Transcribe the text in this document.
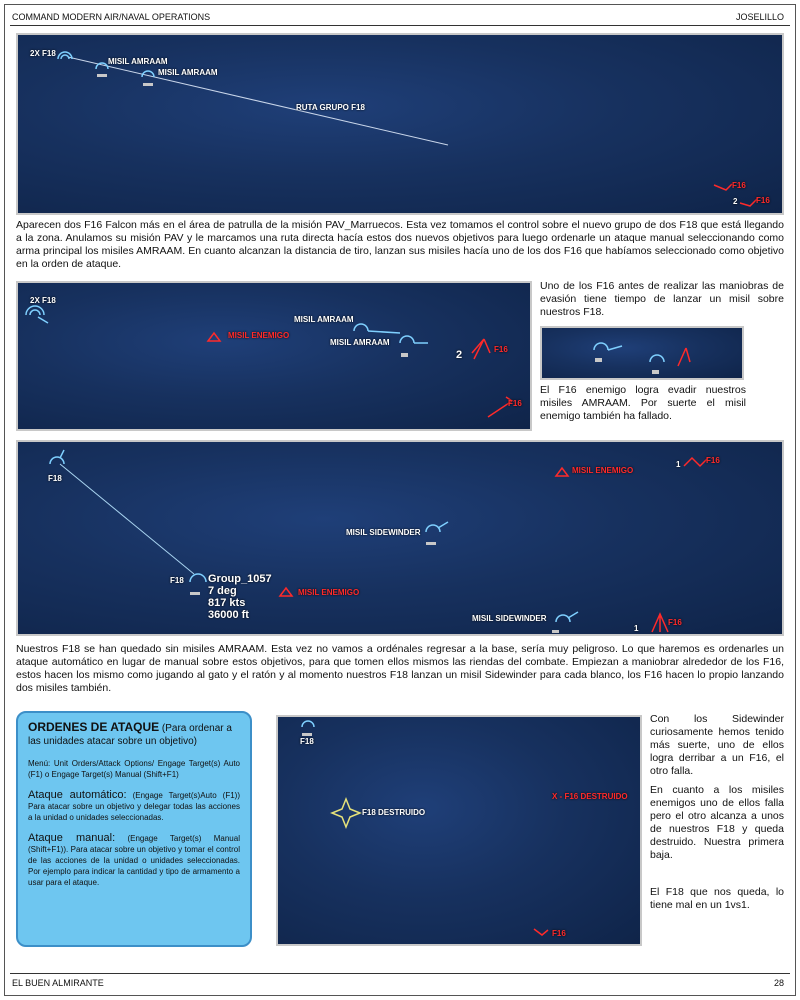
COMMAND MODERN AIR/NAVAL OPERATIONS	JOSELILLO
2X F18
MISIL AMRAAM
MISIL AMRAAM
RUTA GRUPO F18
F16
2 F16
Aparecen dos F16 Falcon más en el área de patrulla de la misión PAV_Marruecos. Esta vez tomamos el control sobre el nuevo grupo de dos F18 que está llegando a la zona. Anulamos su misión PAV y le marcamos una ruta directa hacía estos dos nuevos objetivos para luego ordenarle un ataque manual seleccionando como arma principal los misiles AMRAAM. En cuanto alcanzan la distancia de tiro, lanzan sus misiles hacía uno de los dos F16 que habíamos seleccionado como objetivo en la orden de ataque.
2X F18
MISIL ENEMIGO
MISIL AMRAAM
MISIL AMRAAM
2	F16
F16
Uno de los F16 antes de realizar las maniobras de evasión tiene tiempo de lanzar un misil sobre nuestros F18.
El F16 enemigo logra evadir nuestros misiles AMRAAM. Por suerte el misil enemigo también ha fallado.
F18
MISIL ENEMIGO
1	F16
MISIL SIDEWINDER
F18 Group_1057
7 deg
817 kts
36000 ft
MISIL ENEMIGO
MISIL SIDEWINDER
1
F16
Nuestros F18 se han quedado sin misiles AMRAAM. Esta vez no vamos a ordénales regresar a la base, sería muy peligroso. Lo que haremos es ordenarles un ataque automático en lugar de manual sobre estos objetivos, para que tomen ellos mismos las riendas del combate. Empiezan a maniobrar alrededor de los F16, estos hacen los mismo como jugando al gato y el ratón y al momento nuestros F18 lanzan un misil Sidewinder para cada blanco, los F16 hacen lo propio lanzando dos misiles también.
ORDENES DE ATAQUE (Para ordenar a las unidades atacar sobre un objetivo)

Menú: Unit Orders/Attack Options/ Engage Target(s) Auto (F1) o Engage Target(s) Manual (Shift+F1)

Ataque automático: (Engage Target(s)Auto (F1)) Para atacar sobre un objetivo y delegar todas las acciones a la unidad o unidades seleccionadas.

Ataque manual: (Engage Target(s) Manual (Shift+F1)). Para atacar sobre un objetivo y tomar el control de las acciones de la unidad o unidades seleccionadas. Por ejemplo para indicar la cantidad y tipo de armamento a usar para el ataque.

F18
X - F16 DESTRUIDO
F18 DESTRUIDO
F16
Con los Sidewinder curiosamente hemos tenido más suerte, uno de ellos logra derribar a un F16, el otro falla.
En cuanto a los misiles enemigos uno de ellos falla pero el otro alcanza a unos de nuestros F18 y queda destruido. Nuestra primera baja.
El F18 que nos queda, lo tiene mal en un 1vs1.
EL BUEN ALMIRANTE	28
